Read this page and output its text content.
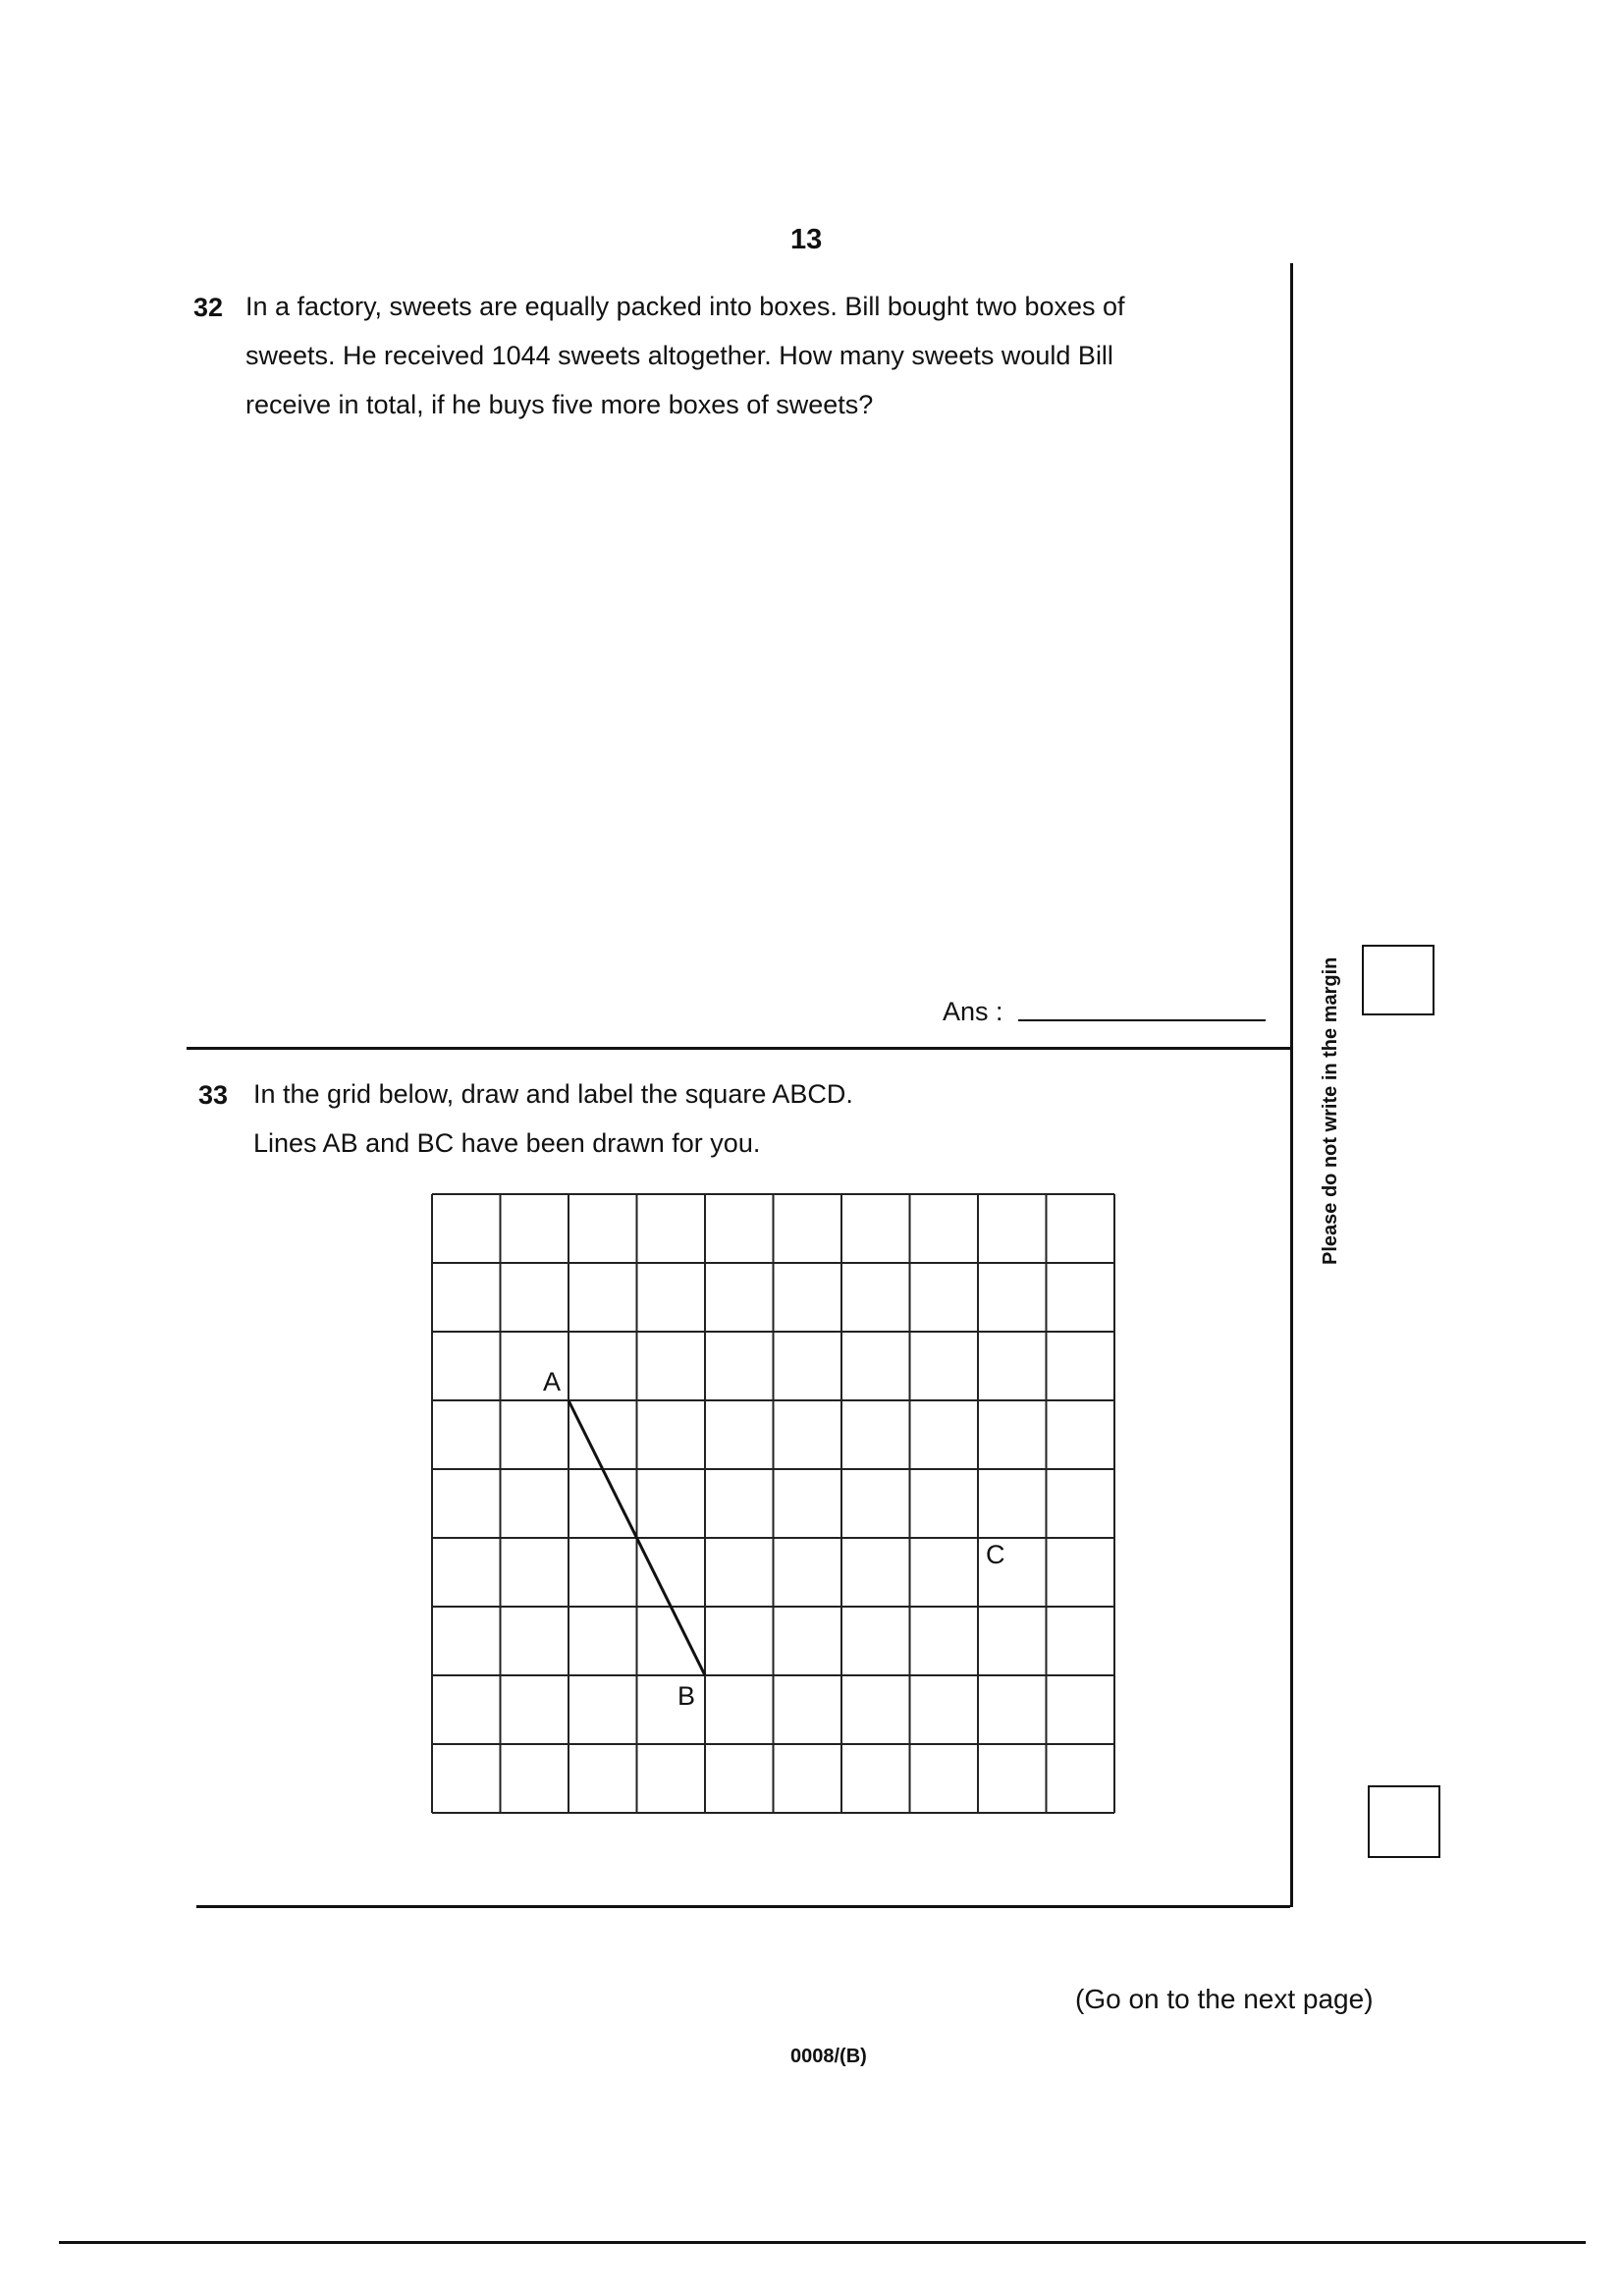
13
32 In a factory, sweets are equally packed into boxes. Bill bought two boxes of
sweets. He received 1044 sweets altogether. How many sweets would Bill
receive in total, if he buys five more boxes of sweets?
Ans :
33 In the grid below, draw and label the square ABCD.
Lines AB and BC have been drawn for you.
A
B
C
Please do not write in the margin
(Go on to the next page)
0008/(B)
